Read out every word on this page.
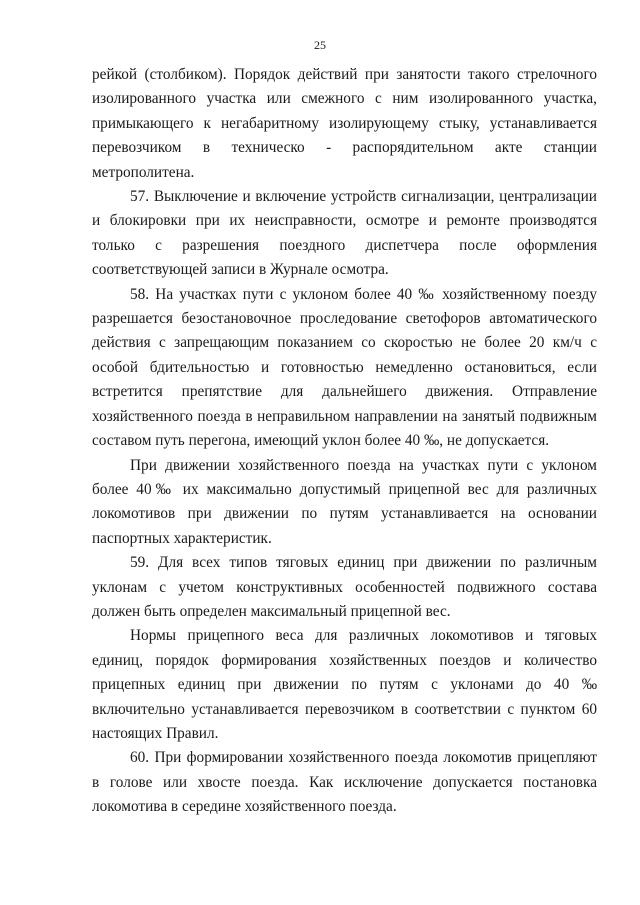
25

рейкой (столбиком). Порядок действий при занятости такого стрелочного изолированного участка или смежного с ним изолированного участка, примыкающего к негабаритному изолирующему стыку, устанавливается перевозчиком в техническо - распорядительном акте станции метрополитена.

57. Выключение и включение устройств сигнализации, централизации и блокировки при их неисправности, осмотре и ремонте производятся только с разрешения поездного диспетчера после оформления соответствующей записи в Журнале осмотра.

58. На участках пути с уклоном более 40 ‰ хозяйственному поезду разрешается безостановочное проследование светофоров автоматического действия с запрещающим показанием со скоростью не более 20 км/ч с особой бдительностью и готовностью немедленно остановиться, если встретится препятствие для дальнейшего движения. Отправление хозяйственного поезда в неправильном направлении на занятый подвижным составом путь перегона, имеющий уклон более 40 ‰, не допускается.

При движении хозяйственного поезда на участках пути с уклоном более 40‰ их максимально допустимый прицепной вес для различных локомотивов при движении по путям устанавливается на основании паспортных характеристик.

59. Для всех типов тяговых единиц при движении по различным уклонам с учетом конструктивных особенностей подвижного состава должен быть определен максимальный прицепной вес.

Нормы прицепного веса для различных локомотивов и тяговых единиц, порядок формирования хозяйственных поездов и количество прицепных единиц при движении по путям с уклонами до 40 ‰ включительно устанавливается перевозчиком в соответствии с пунктом 60 настоящих Правил.

60. При формировании хозяйственного поезда локомотив прицепляют в голове или хвосте поезда. Как исключение допускается постановка локомотива в середине хозяйственного поезда.
